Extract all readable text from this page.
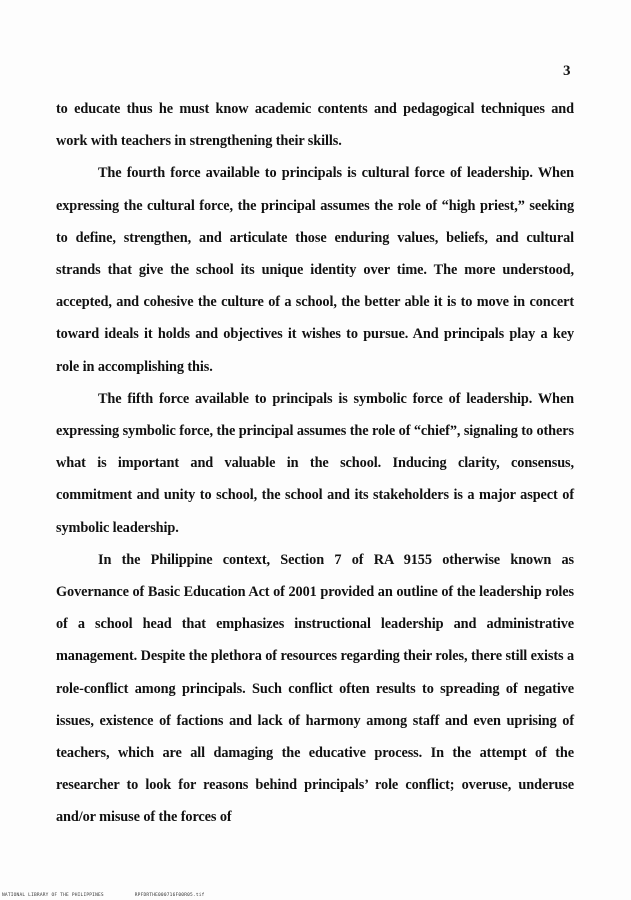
3

to educate thus he must know academic contents and pedagogical techniques and work with teachers in strengthening their skills.

The fourth force available to principals is cultural force of leadership. When expressing the cultural force, the principal assumes the role of “high priest,” seeking to define, strengthen, and articulate those enduring values, beliefs, and cultural strands that give the school its unique identity over time. The more understood, accepted, and cohesive the culture of a school, the better able it is to move in concert toward ideals it holds and objectives it wishes to pursue. And principals play a key role in accomplishing this.

The fifth force available to principals is symbolic force of leadership. When expressing symbolic force, the principal assumes the role of “chief”, signaling to others what is important and valuable in the school. Inducing clarity, consensus, commitment and unity to school, the school and its stakeholders is a major aspect of symbolic leadership.

In the Philippine context, Section 7 of RA 9155 otherwise known as Governance of Basic Education Act of 2001 provided an outline of the leadership roles of a school head that emphasizes instructional leadership and administrative management. Despite the plethora of resources regarding their roles, there still exists a role-conflict among principals. Such conflict often results to spreading of negative issues, existence of factions and lack of harmony among staff and even uprising of teachers, which are all damaging the educative process. In the attempt of the researcher to look for reasons behind principals’ role conflict; overuse, underuse and/or misuse of the forces of

NATIONAL LIBRARY OF THE PHILIPPINES	RPFDRTHE000716F00R05.tif
